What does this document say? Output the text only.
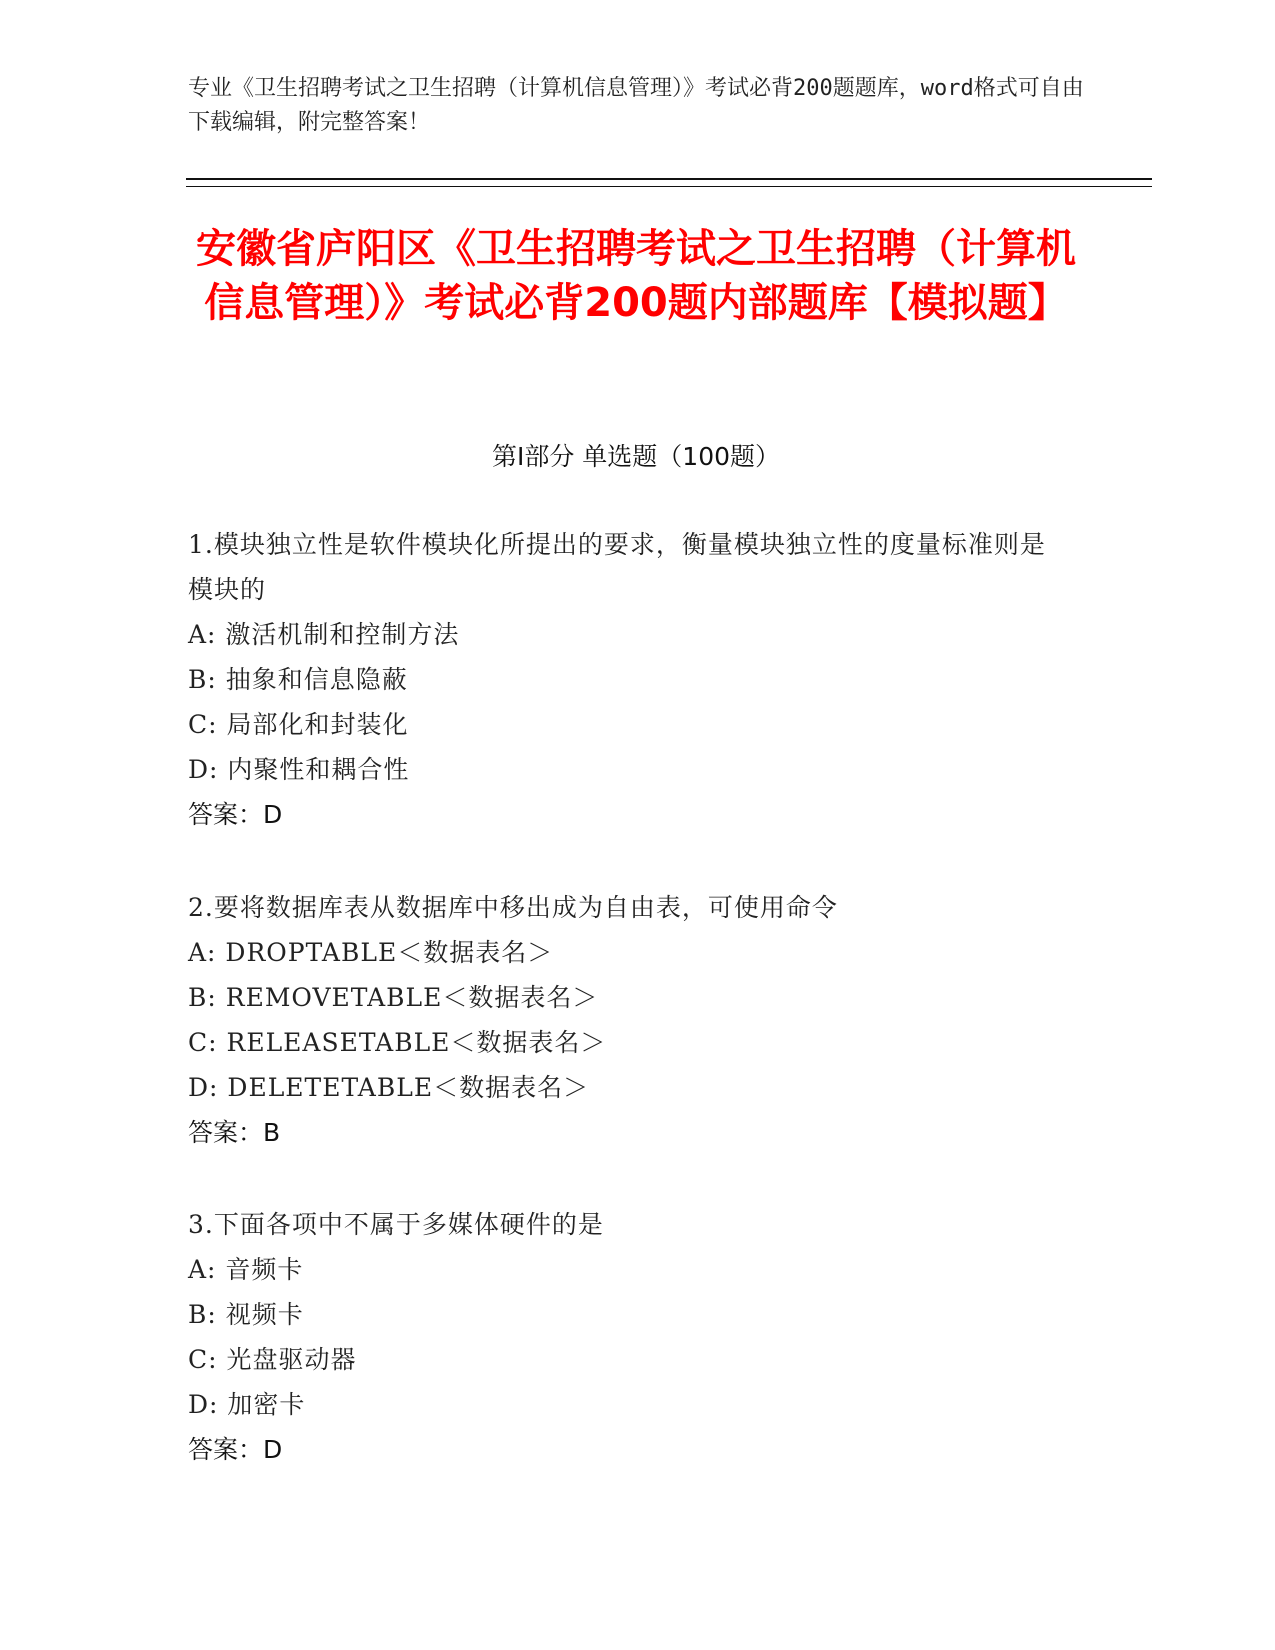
专业《卫生招聘考试之卫生招聘（计算机信息管理）》考试必背200题题库，word格式可自由下载编辑，附完整答案！
安徽省庐阳区《卫生招聘考试之卫生招聘（计算机信息管理）》考试必背200题内部题库【模拟题】
第Ⅰ部分 单选题（100题）
1.模块独立性是软件模块化所提出的要求，衡量模块独立性的度量标准则是模块的
A: 激活机制和控制方法
B: 抽象和信息隐蔽
C: 局部化和封装化
D: 内聚性和耦合性
答案：D
2.要将数据库表从数据库中移出成为自由表，可使用命令
A: DROPTABLE＜数据表名＞
B: REMOVETABLE＜数据表名＞
C: RELEASETABLE＜数据表名＞
D: DELETETABLE＜数据表名＞
答案：B
3.下面各项中不属于多媒体硬件的是
A: 音频卡
B: 视频卡
C: 光盘驱动器
D: 加密卡
答案：D
